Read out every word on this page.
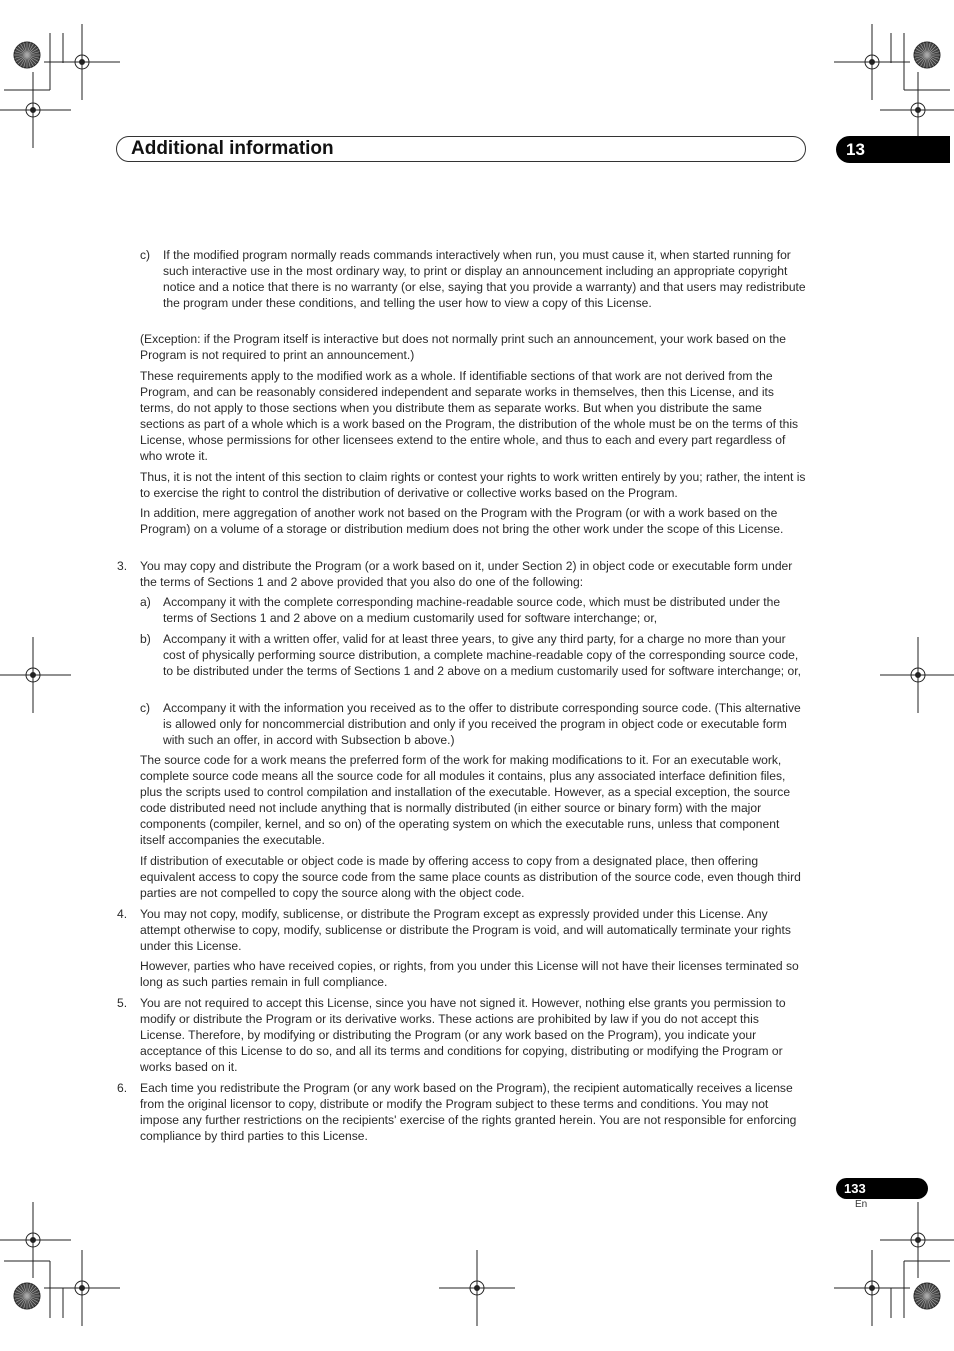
Additional information	13
c) If the modified program normally reads commands interactively when run, you must cause it, when started running for such interactive use in the most ordinary way, to print or display an announcement including an appropriate copyright notice and a notice that there is no warranty (or else, saying that you provide a warranty) and that users may redistribute the program under these conditions, and telling the user how to view a copy of this License.

(Exception: if the Program itself is interactive but does not normally print such an announcement, your work based on the Program is not required to print an announcement.)

These requirements apply to the modified work as a whole. If identifiable sections of that work are not derived from the Program, and can be reasonably considered independent and separate works in themselves, then this License, and its terms, do not apply to those sections when you distribute them as separate works. But when you distribute the same sections as part of a whole which is a work based on the Program, the distribution of the whole must be on the terms of this License, whose permissions for other licensees extend to the entire whole, and thus to each and every part regardless of who wrote it.

Thus, it is not the intent of this section to claim rights or contest your rights to work written entirely by you; rather, the intent is to exercise the right to control the distribution of derivative or collective works based on the Program.

In addition, mere aggregation of another work not based on the Program with the Program (or with a work based on the Program) on a volume of a storage or distribution medium does not bring the other work under the scope of this License.

3. You may copy and distribute the Program (or a work based on it, under Section 2) in object code or executable form under the terms of Sections 1 and 2 above provided that you also do one of the following:

a) Accompany it with the complete corresponding machine-readable source code, which must be distributed under the terms of Sections 1 and 2 above on a medium customarily used for software interchange; or,

b) Accompany it with a written offer, valid for at least three years, to give any third party, for a charge no more than your cost of physically performing source distribution, a complete machine-readable copy of the corresponding source code, to be distributed under the terms of Sections 1 and 2 above on a medium customarily used for software interchange; or,

c) Accompany it with the information you received as to the offer to distribute corresponding source code. (This alternative is allowed only for noncommercial distribution and only if you received the program in object code or executable form with such an offer, in accord with Subsection b above.)

The source code for a work means the preferred form of the work for making modifications to it. For an executable work, complete source code means all the source code for all modules it contains, plus any associated interface definition files, plus the scripts used to control compilation and installation of the executable. However, as a special exception, the source code distributed need not include anything that is normally distributed (in either source or binary form) with the major components (compiler, kernel, and so on) of the operating system on which the executable runs, unless that component itself accompanies the executable.

If distribution of executable or object code is made by offering access to copy from a designated place, then offering equivalent access to copy the source code from the same place counts as distribution of the source code, even though third parties are not compelled to copy the source along with the object code.

4. You may not copy, modify, sublicense, or distribute the Program except as expressly provided under this License. Any attempt otherwise to copy, modify, sublicense or distribute the Program is void, and will automatically terminate your rights under this License.

However, parties who have received copies, or rights, from you under this License will not have their licenses terminated so long as such parties remain in full compliance.

5. You are not required to accept this License, since you have not signed it. However, nothing else grants you permission to modify or distribute the Program or its derivative works. These actions are prohibited by law if you do not accept this License. Therefore, by modifying or distributing the Program (or any work based on the Program), you indicate your acceptance of this License to do so, and all its terms and conditions for copying, distributing or modifying the Program or works based on it.

6. Each time you redistribute the Program (or any work based on the Program), the recipient automatically receives a license from the original licensor to copy, distribute or modify the Program subject to these terms and conditions. You may not impose any further restrictions on the recipients' exercise of the rights granted herein. You are not responsible for enforcing compliance by third parties to this License.

133
En
